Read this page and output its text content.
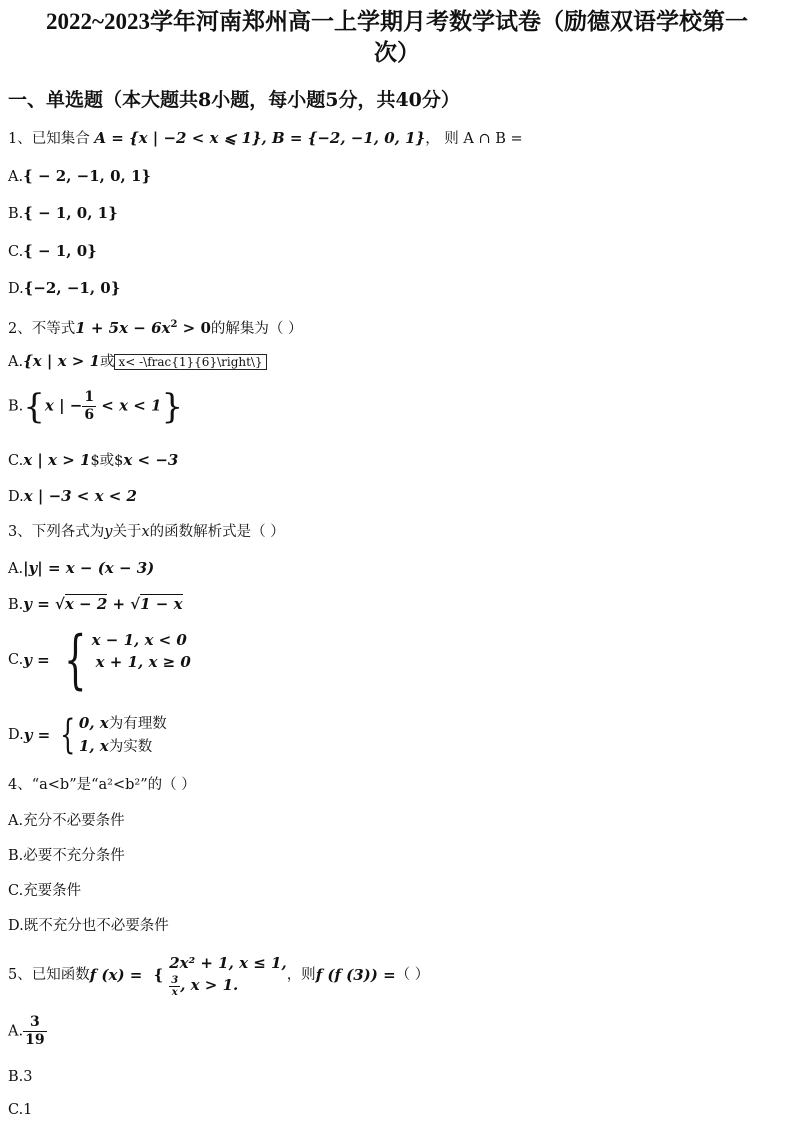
2022~2023学年河南郑州高一上学期月考数学试卷（励德双语学校第一
次）
一、单选题（本大题共8小题，每小题5分，共40分）
1、已知集合 A = {x | −2 < x ⩽ 1}, B = {−2, −1, 0, 1}， 则 A ∩ B =
A.{ − 2, −1, 0, 1}
B.{ − 1, 0, 1}
C.{ − 1, 0}
D.{−2, −1, 0}
2、不等式$1 + 5x - 6x^2 > 0$的解集为（ ）
A.{x | x > 1或 x< -\frac{1}{6}\right\}
B.{x | − $\frac{1}{6} < x < 1$}
C.x | x > 1$或$x < −3
D.x | −3 < x < 2
3、下列各式为y关于x的函数解析式是（ ）
A.|y| = x − (x − 3)
B.y = √x − 2 + √1 − x
C.y = { x − 1, x < 0
x + 1, x ≥ 0
D.y = { 0, x为有理数
1, x为实数
4、“a<b”是“a²<b²”的（ ）
A.充分不必要条件
B.必要不充分条件
C.充要条件
D.既不充分也不必要条件
5、已知函数f (x) = {
2x² + 1, x ≤ 1,
$\frac{3}{x}$ , x > 1.
，则f (f (3)) =（ ）
A. $\frac{3}{19}$
B.3
C.1
